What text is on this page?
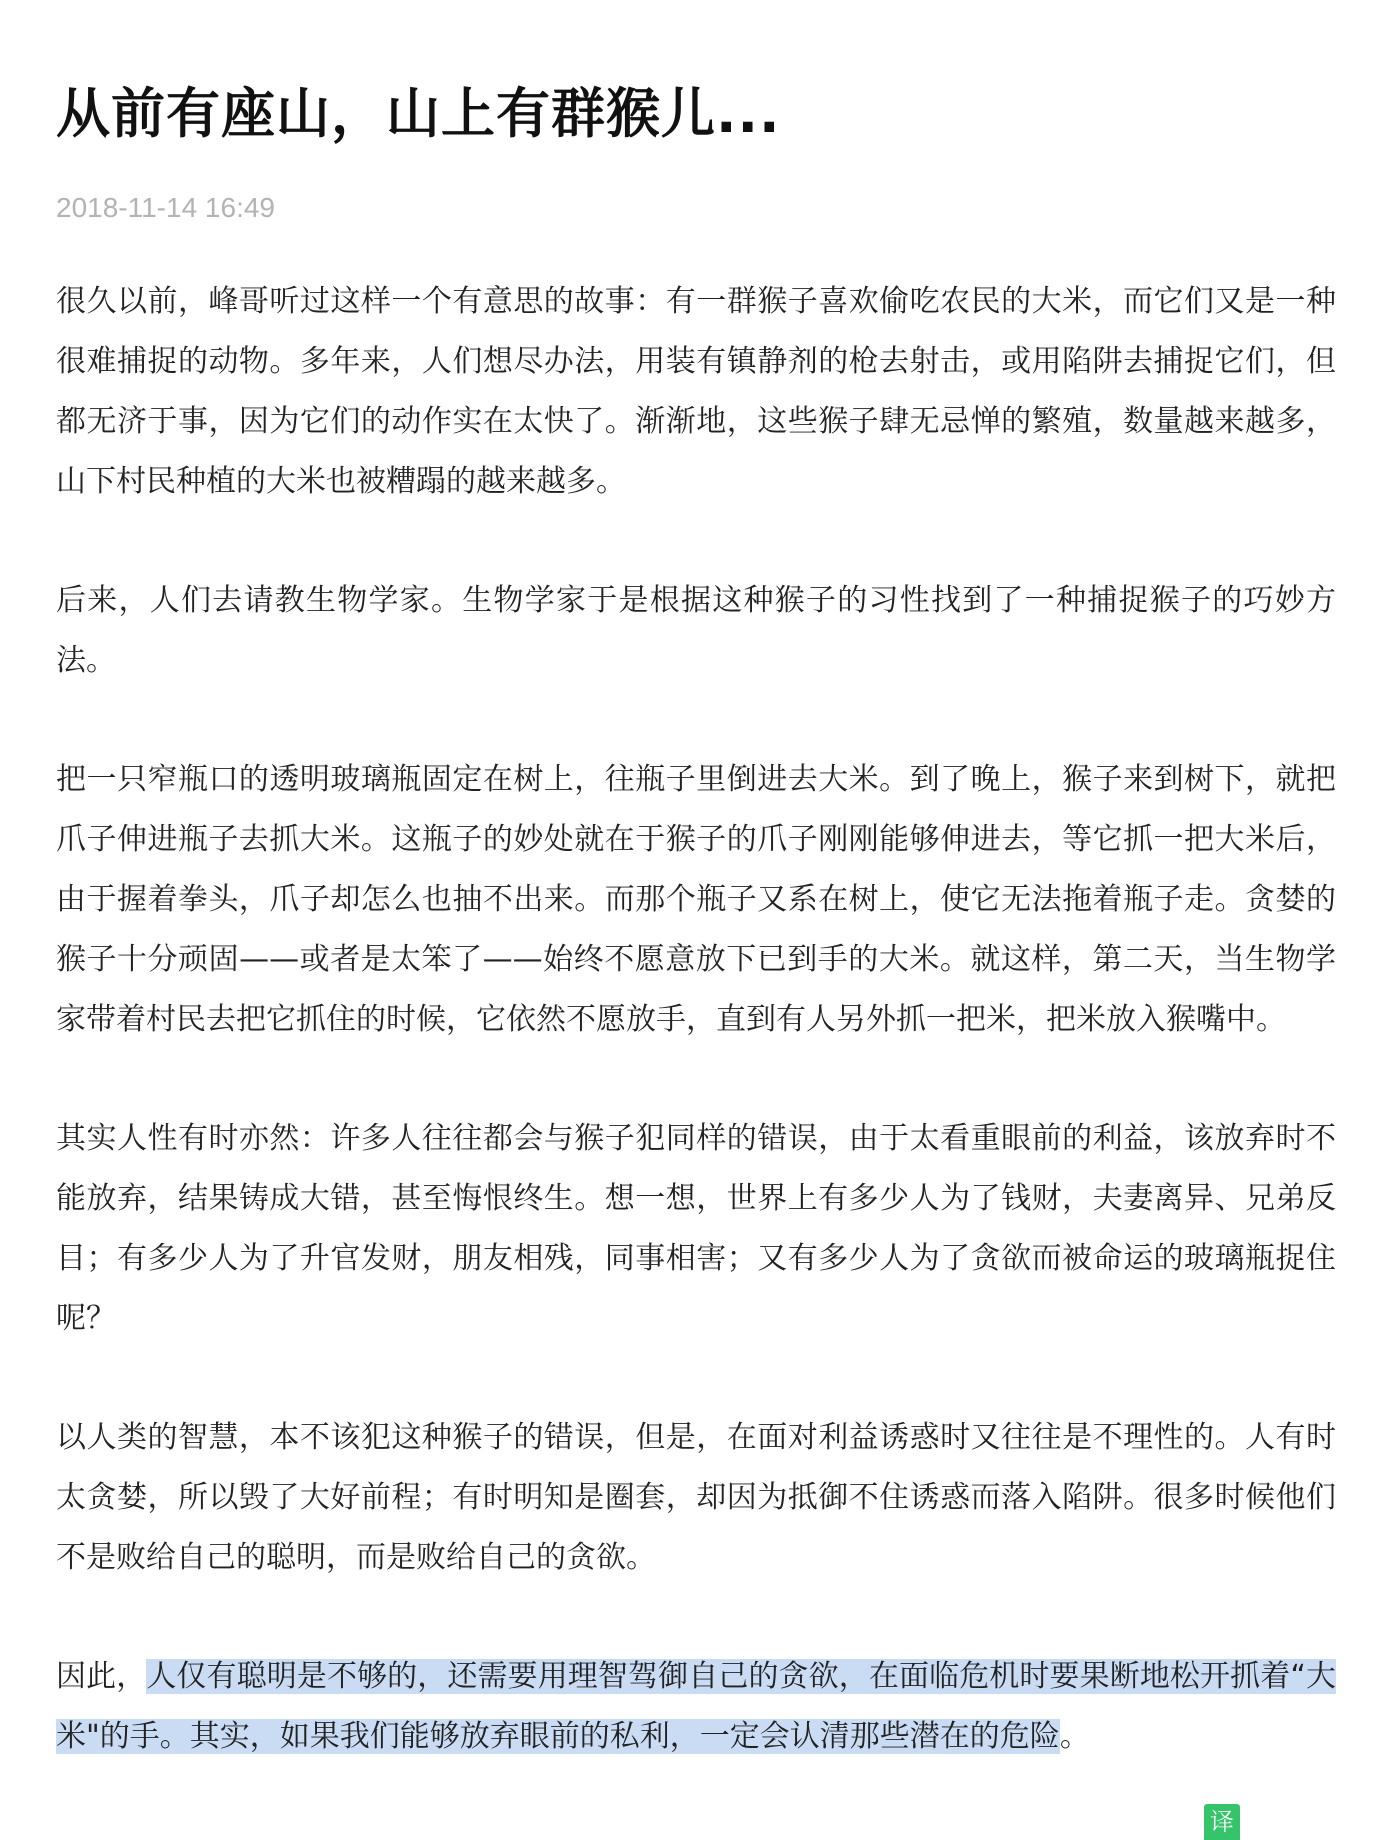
从前有座山，山上有群猴儿...
2018-11-14 16:49

很久以前，峰哥听过这样一个有意思的故事：有一群猴子喜欢偷吃农民的大米，而它们又是一种很难捕捉的动物。多年来，人们想尽办法，用装有镇静剂的枪去射击，或用陷阱去捕捉它们，但都无济于事，因为它们的动作实在太快了。渐渐地，这些猴子肆无忌惮的繁殖，数量越来越多，山下村民种植的大米也被糟蹋的越来越多。

后来，人们去请教生物学家。生物学家于是根据这种猴子的习性找到了一种捕捉猴子的巧妙方法。

把一只窄瓶口的透明玻璃瓶固定在树上，往瓶子里倒进去大米。到了晚上，猴子来到树下，就把爪子伸进瓶子去抓大米。这瓶子的妙处就在于猴子的爪子刚刚能够伸进去，等它抓一把大米后，由于握着拳头，爪子却怎么也抽不出来。而那个瓶子又系在树上，使它无法拖着瓶子走。贪婪的猴子十分顽固——或者是太笨了——始终不愿意放下已到手的大米。就这样，第二天，当生物学家带着村民去把它抓住的时候，它依然不愿放手，直到有人另外抓一把米，把米放入猴嘴中。

其实人性有时亦然：许多人往往都会与猴子犯同样的错误，由于太看重眼前的利益，该放弃时不能放弃，结果铸成大错，甚至悔恨终生。想一想，世界上有多少人为了钱财，夫妻离异、兄弟反目；有多少人为了升官发财，朋友相残，同事相害；又有多少人为了贪欲而被命运的玻璃瓶捉住呢？

以人类的智慧，本不该犯这种猴子的错误，但是，在面对利益诱惑时又往往是不理性的。人有时太贪婪，所以毁了大好前程；有时明知是圈套，却因为抵御不住诱惑而落入陷阱。很多时候他们不是败给自己的聪明，而是败给自己的贪欲。

因此，人仅有聪明是不够的，还需要用理智驾御自己的贪欲，在面临危机时要果断地松开抓着“大米"的手。其实，如果我们能够放弃眼前的私利，一定会认清那些潜在的危险。

译
